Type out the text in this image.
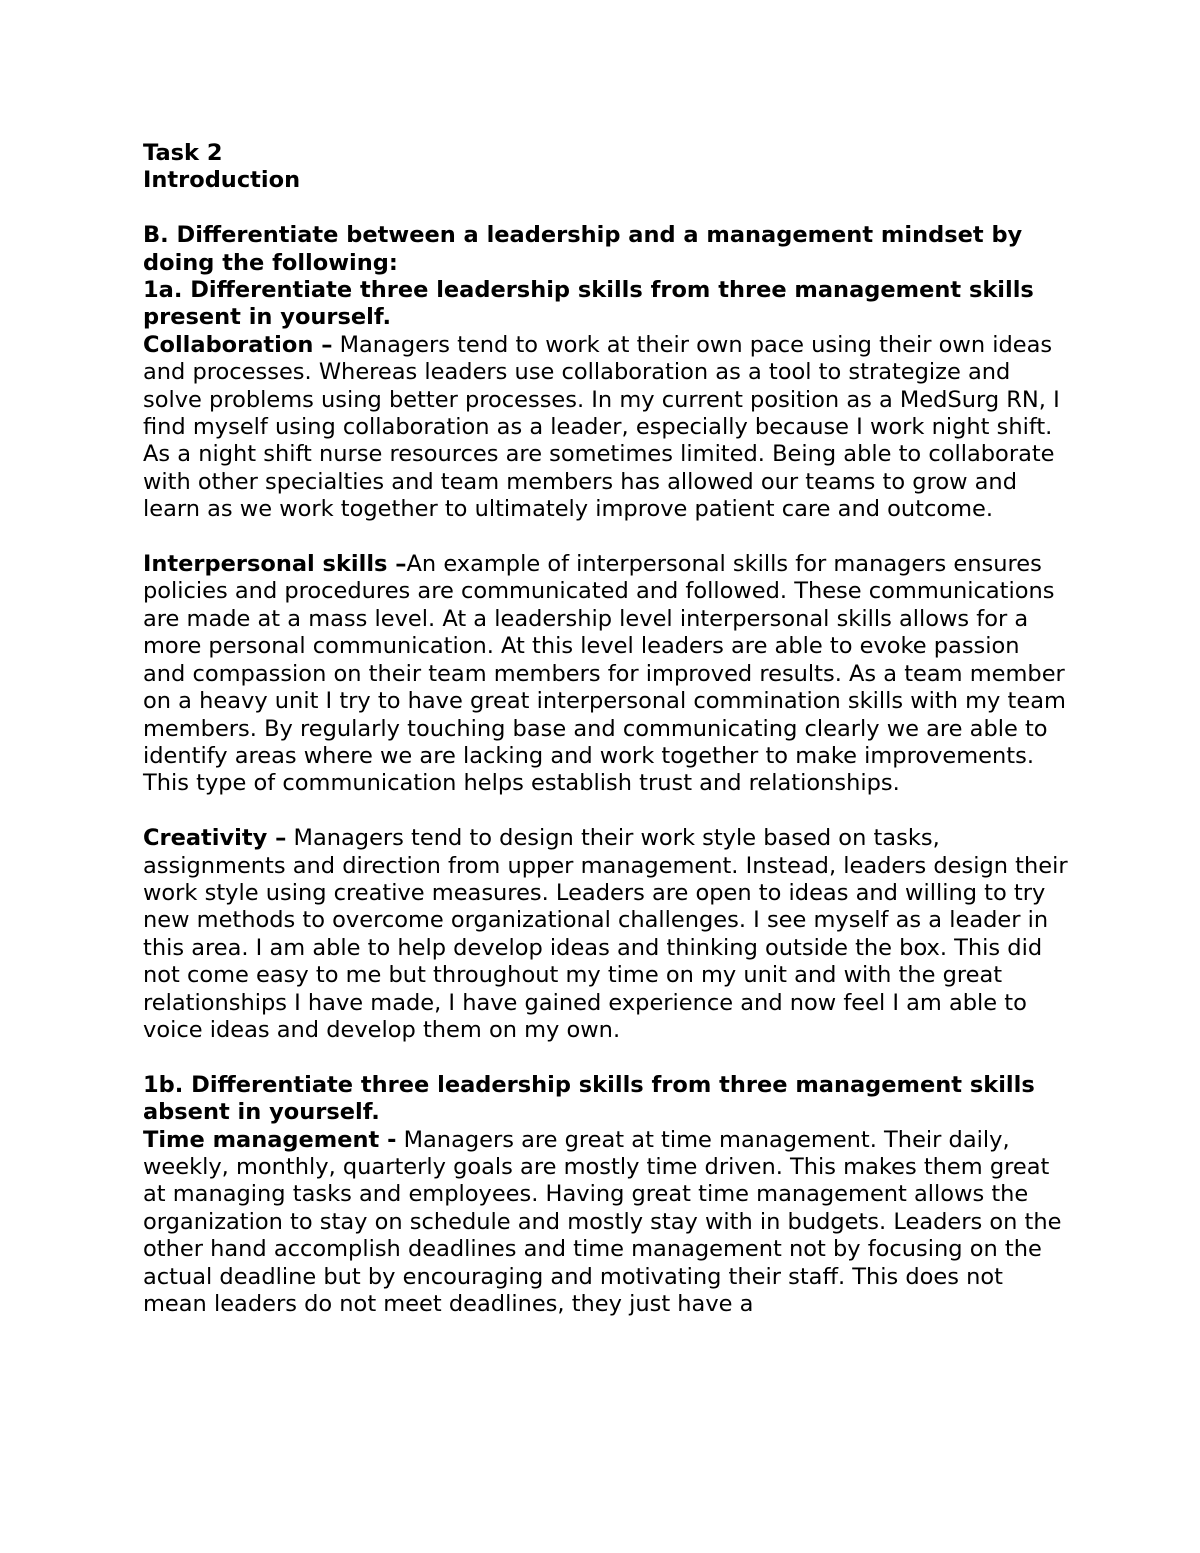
Task 2

Introduction

B. Differentiate between a leadership and a management mindset by doing the following:

1a. Differentiate three leadership skills from three management skills present in yourself.

Collaboration – Managers tend to work at their own pace using their own ideas and processes. Whereas leaders use collaboration as a tool to strategize and solve problems using better processes. In my current position as a MedSurg RN, I find myself using collaboration as a leader, especially because I work night shift. As a night shift nurse resources are sometimes limited. Being able to collaborate with other specialties and team members has allowed our teams to grow and learn as we work together to ultimately improve patient care and outcome.

Interpersonal skills –An example of interpersonal skills for managers ensures policies and procedures are communicated and followed. These communications are made at a mass level. At a leadership level interpersonal skills allows for a more personal communication. At this level leaders are able to evoke passion and compassion on their team members for improved results. As a team member on a heavy unit I try to have great interpersonal commination skills with my team members. By regularly touching base and communicating clearly we are able to identify areas where we are lacking and work together to make improvements. This type of communication helps establish trust and relationships.

Creativity – Managers tend to design their work style based on tasks, assignments and direction from upper management. Instead, leaders design their work style using creative measures. Leaders are open to ideas and willing to try new methods to overcome organizational challenges. I see myself as a leader in this area. I am able to help develop ideas and thinking outside the box. This did not come easy to me but throughout my time on my unit and with the great relationships I have made, I have gained experience and now feel I am able to voice ideas and develop them on my own.

1b. Differentiate three leadership skills from three management skills absent in yourself.

Time management - Managers are great at time management. Their daily, weekly, monthly, quarterly goals are mostly time driven. This makes them great at managing tasks and employees. Having great time management allows the organization to stay on schedule and mostly stay with in budgets. Leaders on the other hand accomplish deadlines and time management not by focusing on the actual deadline but by encouraging and motivating their staff. This does not mean leaders do not meet deadlines, they just have a
